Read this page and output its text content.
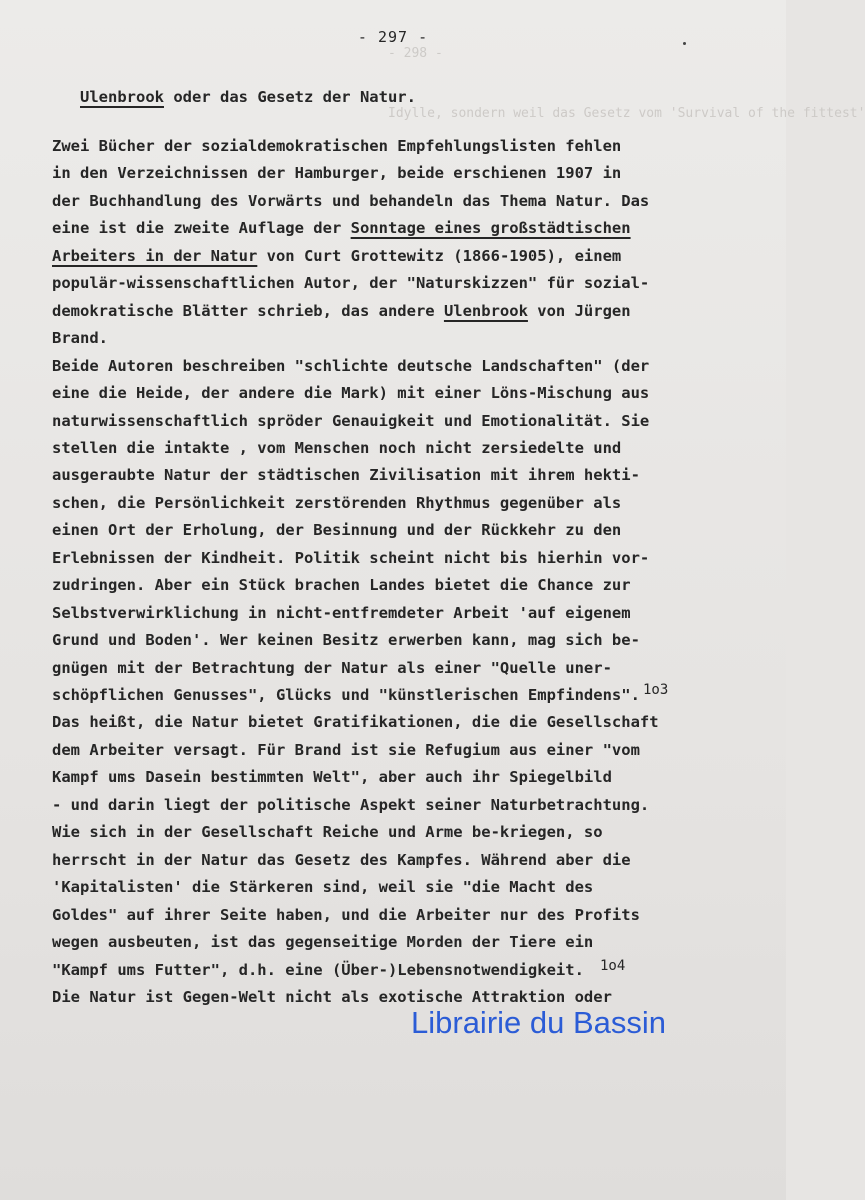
- 298 -
Idylle, sondern weil das Gesetz vom 'Survival of the fittest'
- 297 -
Ulenbrook oder das Gesetz der Natur.
Zwei Bücher der sozialdemokratischen Empfehlungslisten fehlen
in den Verzeichnissen der Hamburger, beide erschienen 1907 in
der Buchhandlung des Vorwärts und behandeln das Thema Natur. Das
eine ist die zweite Auflage der Sonntage eines großstädtischen
Arbeiters in der Natur von Curt Grottewitz (1866-1905), einem
populär-wissenschaftlichen Autor, der "Naturskizzen" für sozial-
demokratische Blätter schrieb, das andere Ulenbrook von Jürgen
Brand.
Beide Autoren beschreiben "schlichte deutsche Landschaften" (der
eine die Heide, der andere die Mark) mit einer Löns-Mischung aus
naturwissenschaftlich spröder Genauigkeit und Emotionalität. Sie
stellen die intakte , vom Menschen noch nicht zersiedelte und
ausgeraubte Natur der städtischen Zivilisation mit ihrem hekti-
schen, die Persönlichkeit zerstörenden Rhythmus gegenüber als
einen Ort der Erholung, der Besinnung und der Rückkehr zu den
Erlebnissen der Kindheit. Politik scheint nicht bis hierhin vor-
zudringen. Aber ein Stück brachen Landes bietet die Chance zur
Selbstverwirklichung in nicht-entfremdeter Arbeit 'auf eigenem
Grund und Boden'. Wer keinen Besitz erwerben kann, mag sich be-
gnügen mit der Betrachtung der Natur als einer "Quelle uner-
schöpflichen Genusses", Glücks und "künstlerischen Empfindens".
Das heißt, die Natur bietet Gratifikationen, die die Gesellschaft
dem Arbeiter versagt. Für Brand ist sie Refugium aus einer "vom
Kampf ums Dasein bestimmten Welt", aber auch ihr Spiegelbild
- und darin liegt der politische Aspekt seiner Naturbetrachtung.
Wie sich in der Gesellschaft Reiche und Arme be-kriegen, so
herrscht in der Natur das Gesetz des Kampfes. Während aber die
'Kapitalisten' die Stärkeren sind, weil sie "die Macht des
Goldes" auf ihrer Seite haben, und die Arbeiter nur des Profits
wegen ausbeuten, ist das gegenseitige Morden der Tiere ein
"Kampf ums Futter", d.h. eine (Über-)Lebensnotwendigkeit.
Die Natur ist Gegen-Welt nicht als exotische Attraktion oder
1o3
1o4
Librairie du Bassin
